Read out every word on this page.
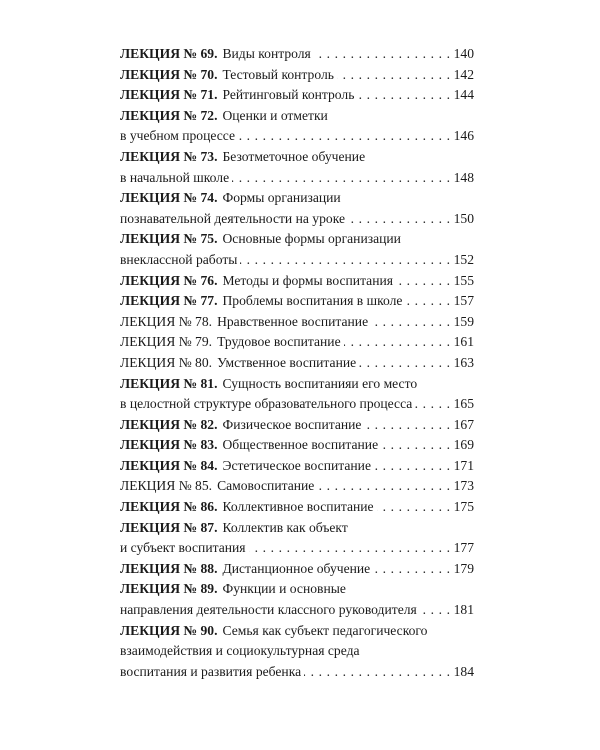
ЛЕКЦИЯ № 69. Виды контроля . . .	140
ЛЕКЦИЯ № 70. Тестовый контроль . . .	142
ЛЕКЦИЯ № 71. Рейтинговый контроль . . .	144
ЛЕКЦИЯ № 72. Оценки и отметки
в учебном процессе . . .	146
ЛЕКЦИЯ № 73. Безотметочное обучение
в начальной школе . . .	148
ЛЕКЦИЯ № 74. Формы организации
познавательной деятельности на уроке . . .	150
ЛЕКЦИЯ № 75. Основные формы организации
внеклассной работы . . .	152
ЛЕКЦИЯ № 76. Методы и формы воспитания . . .	155
ЛЕКЦИЯ № 77. Проблемы воспитания в школе . . .	157
ЛЕКЦИЯ № 78. Нравственное воспитание . . .	159
ЛЕКЦИЯ № 79. Трудовое воспитание . . .	161
ЛЕКЦИЯ № 80. Умственное воспитание . . .	163
ЛЕКЦИЯ № 81. Сущность воспитанияи его место
в целостной структуре образовательного процесса . . .	165
ЛЕКЦИЯ № 82. Физическое воспитание . . .	167
ЛЕКЦИЯ № 83. Общественное воспитание . . .	169
ЛЕКЦИЯ № 84. Эстетическое воспитание . . .	171
ЛЕКЦИЯ № 85. Самовоспитание . . .	173
ЛЕКЦИЯ № 86. Коллективное воспитание . . .	175
ЛЕКЦИЯ № 87. Коллектив как объект
и субъект воспитания . . .	177
ЛЕКЦИЯ № 88. Дистанционное обучение . . .	179
ЛЕКЦИЯ № 89. Функции и основные
направления деятельности классного руководителя . . .	181
ЛЕКЦИЯ № 90. Семья как субъект педагогического
взаимодействия и социокультурная среда
воспитания и развития ребенка . . .	184
